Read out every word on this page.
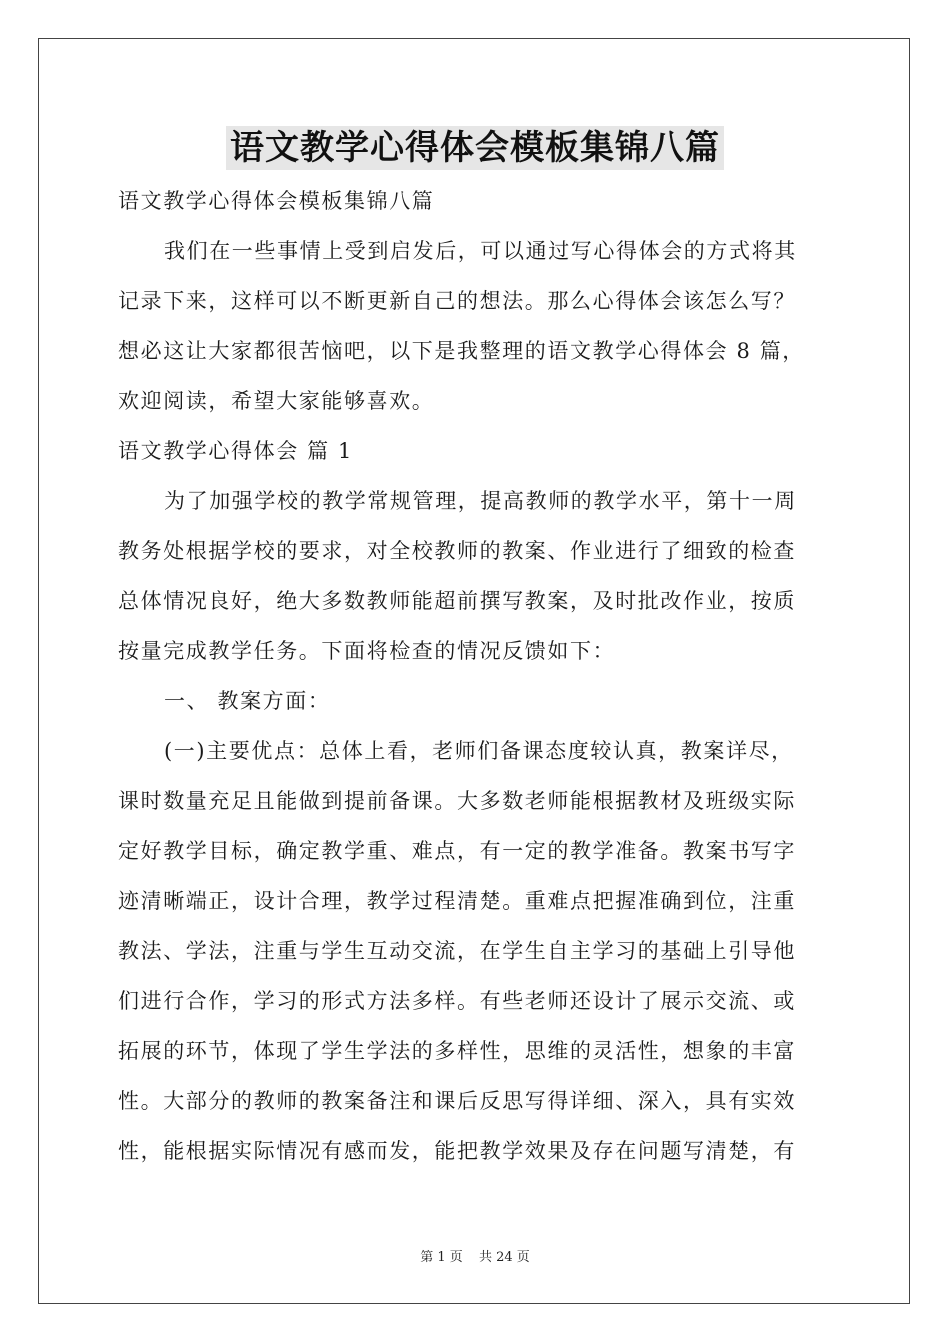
语文教学心得体会模板集锦八篇
语文教学心得体会模板集锦八篇
我们在一些事情上受到启发后，可以通过写心得体会的方式将其
记录下来，这样可以不断更新自己的想法。那么心得体会该怎么写？
想必这让大家都很苦恼吧，以下是我整理的语文教学心得体会 8 篇，
欢迎阅读，希望大家能够喜欢。
语文教学心得体会 篇 1
为了加强学校的教学常规管理，提高教师的教学水平，第十一周
教务处根据学校的要求，对全校教师的教案、作业进行了细致的检查
总体情况良好，绝大多数教师能超前撰写教案，及时批改作业，按质
按量完成教学任务。下面将检查的情况反馈如下：
一、 教案方面：
(一)主要优点：总体上看，老师们备课态度较认真，教案详尽，
课时数量充足且能做到提前备课。大多数老师能根据教材及班级实际
定好教学目标，确定教学重、难点，有一定的教学准备。教案书写字
迹清晰端正，设计合理，教学过程清楚。重难点把握准确到位，注重
教法、学法，注重与学生互动交流，在学生自主学习的基础上引导他
们进行合作，学习的形式方法多样。有些老师还设计了展示交流、或
拓展的环节，体现了学生学法的多样性，思维的灵活性，想象的丰富
性。大部分的教师的教案备注和课后反思写得详细、深入，具有实效
性，能根据实际情况有感而发，能把教学效果及存在问题写清楚，有
第 1 页 共 24 页
